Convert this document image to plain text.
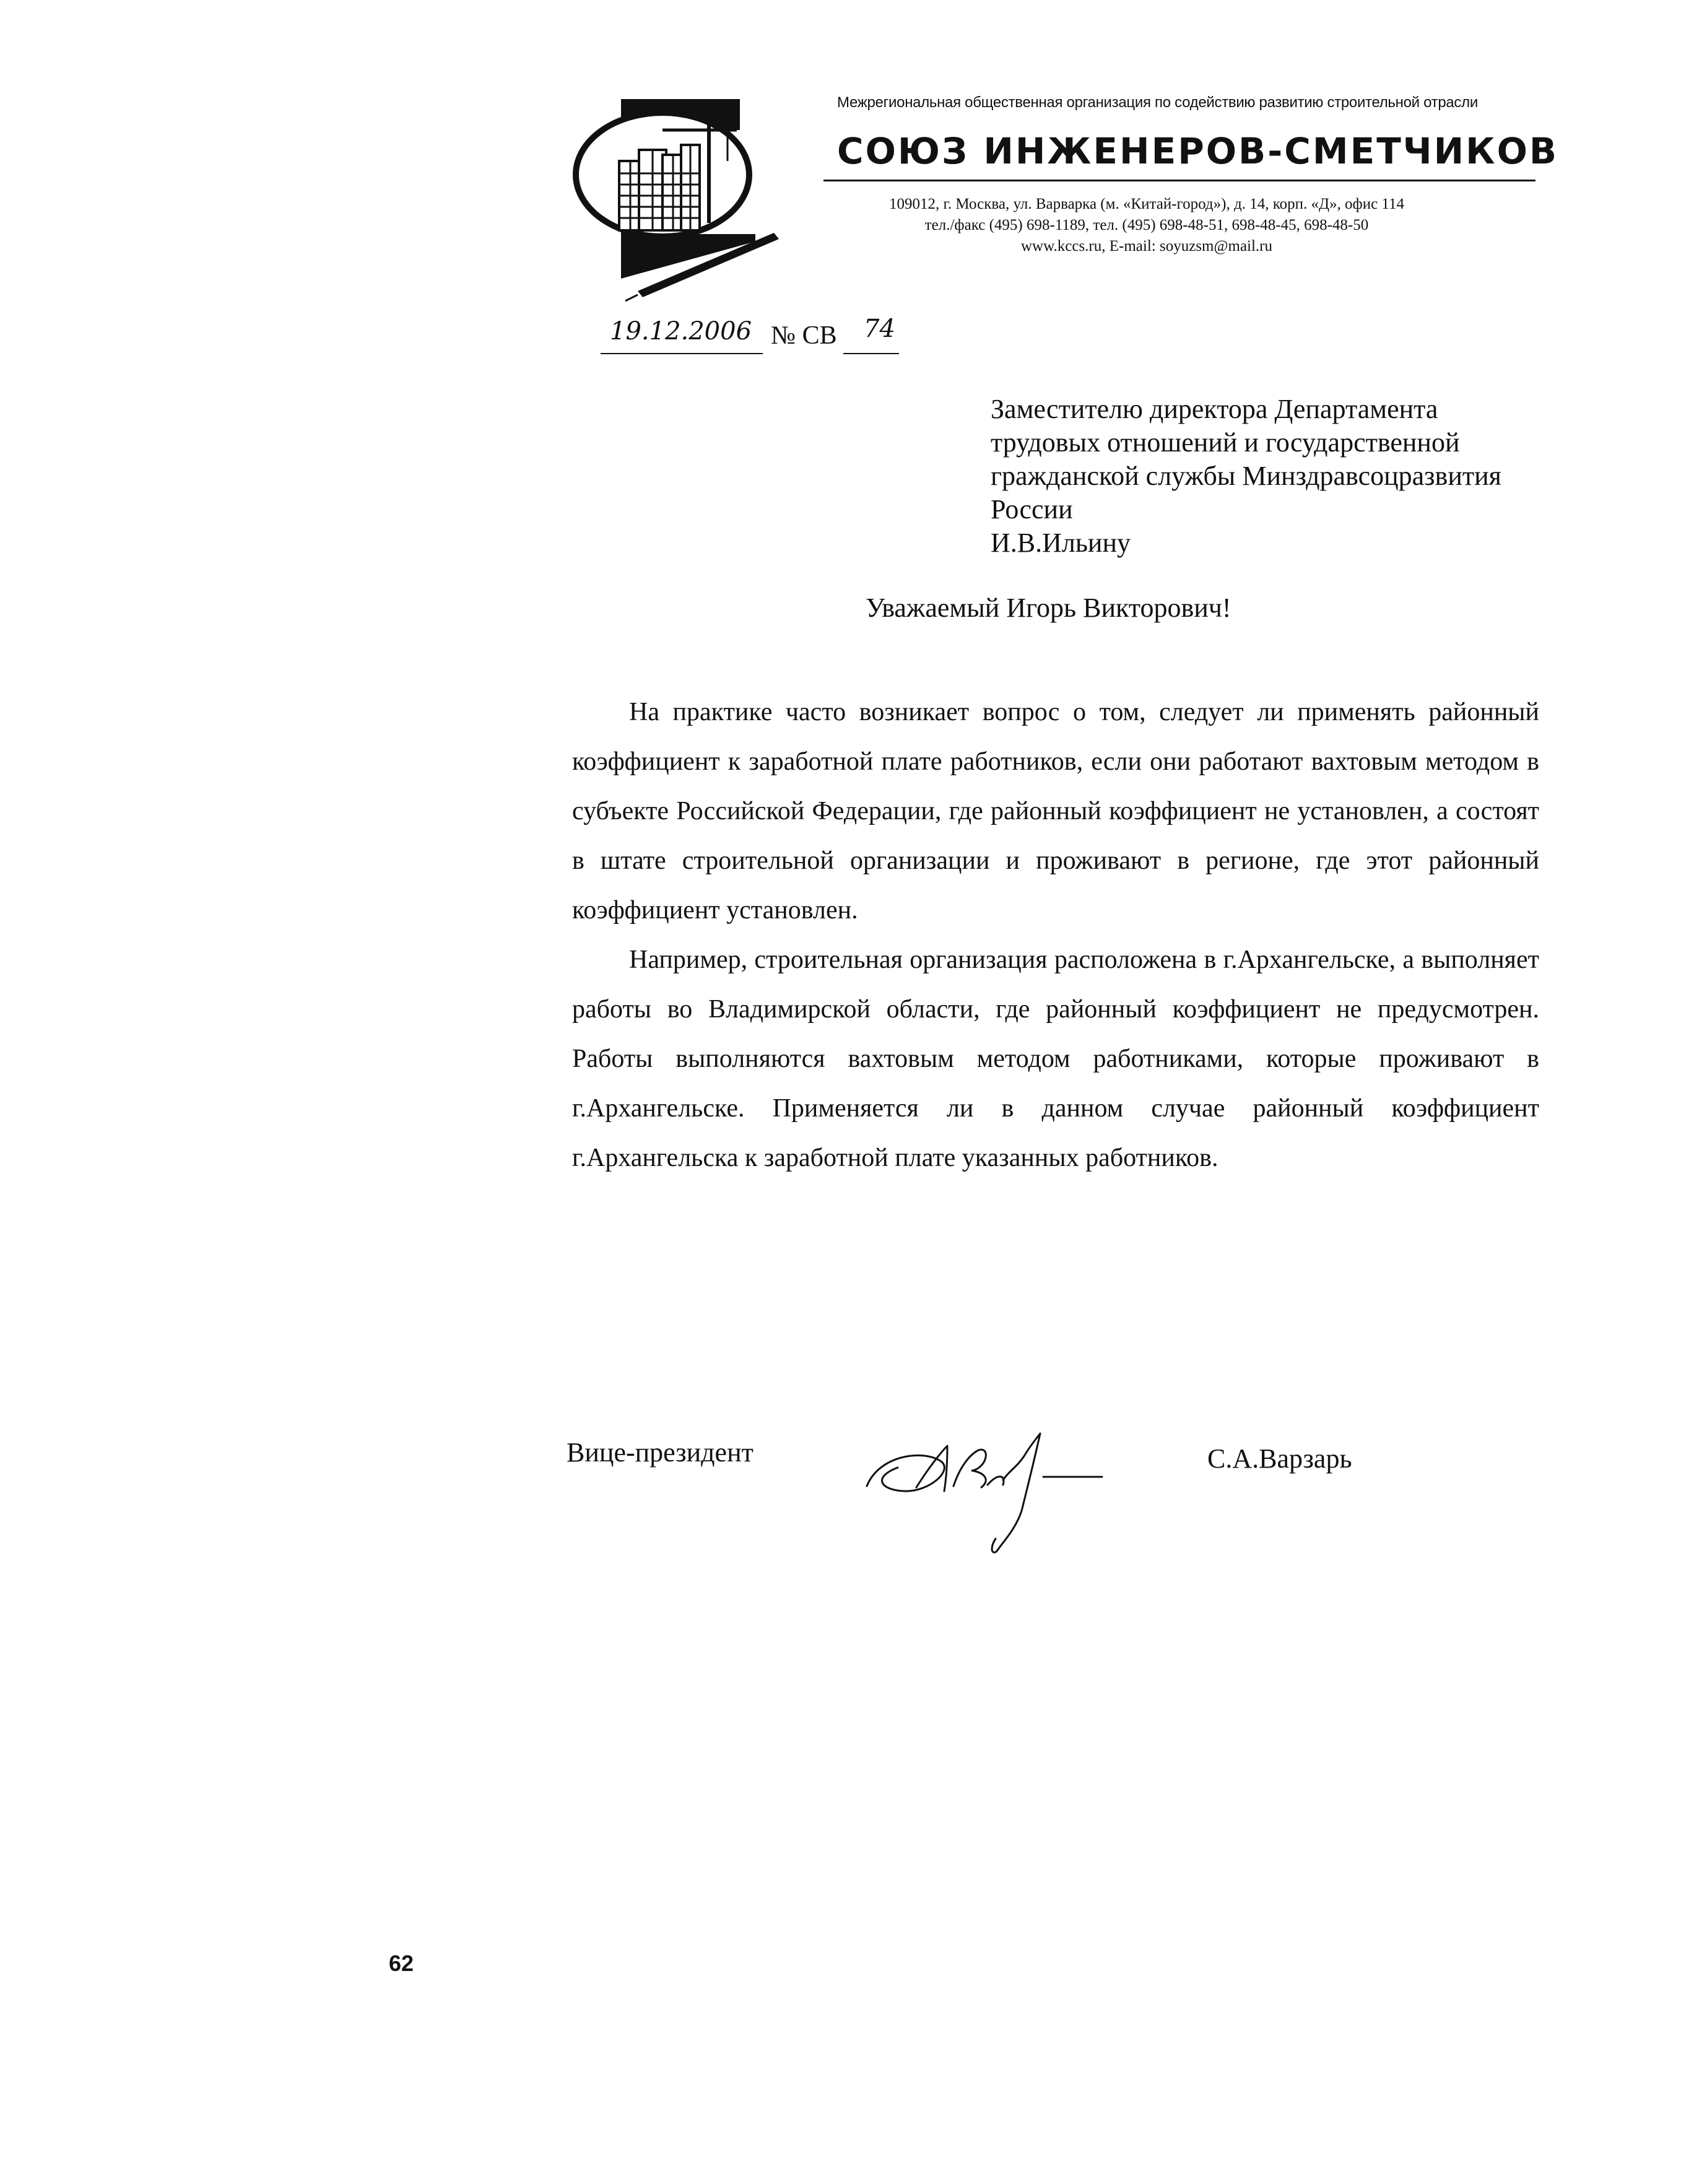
Межрегиональная общественная организация по содействию развитию строительной отрасли
СОЮЗ ИНЖЕНЕРОВ-СМЕТЧИКОВ
109012, г. Москва, ул. Варварка (м. «Китай-город»), д. 14, корп. «Д», офис 114
тел./факс (495) 698-1189, тел. (495) 698-48-51, 698-48-45, 698-48-50
www.kccs.ru, E-mail: soyuzsm@mail.ru
19.12.2006 № СВ 74
Заместителю директора Департамента
трудовых отношений и государственной
гражданской службы Минздравсоцразвития
России
И.В.Ильину
Уважаемый Игорь Викторович!

На практике часто возникает вопрос о том, следует ли применять районный коэффициент к заработной плате работников, если они работают вахтовым методом в субъекте Российской Федерации, где районный коэффициент не установлен, а состоят в штате строительной организации и проживают в регионе, где этот районный коэффициент установлен.

Например, строительная организация расположена в г.Архангельске, а выполняет работы во Владимирской области, где районный коэффициент не предусмотрен. Работы выполняются вахтовым методом работниками, которые проживают в г.Архангельске. Применяется ли в данном случае районный коэффициент г.Архангельска к заработной плате указанных работников.

Вице-президент	С.А.Варзарь
62
